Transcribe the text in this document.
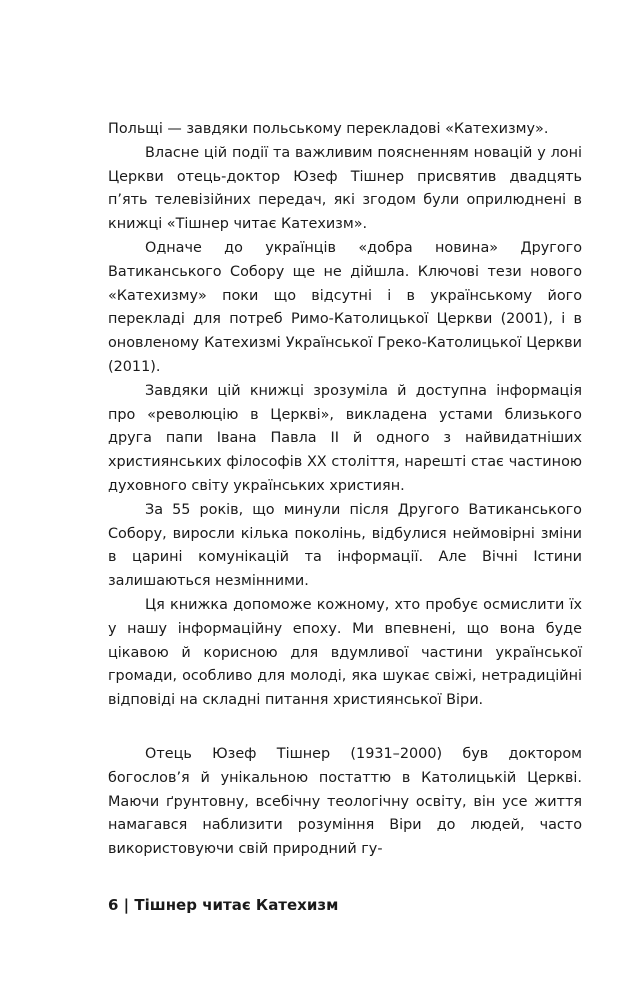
Польщі — завдяки польському перекладові «Катехизму».

Власне цій події та важливим поясненням новацій у лоні Церкви отець-доктор Юзеф Тішнер присвятив двадцять п’ять телевізійних передач, які згодом були оприлюднені в книжці «Тішнер читає Катехизм».

Одначе до українців «добра новина» Другого Ватиканського Собору ще не дійшла. Ключові тези нового «Катехизму» поки що відсутні і в українському його перекладі для потреб Римо-Католицької Церкви (2001), і в оновленому Катехизмі Української Греко-Католицької Церкви (2011).

Завдяки цій книжці зрозуміла й доступна інформація про «революцію в Церкві», викладена устами близького друга папи Івана Павла II й одного з найвидатніших християнських філософів XX століття, нарешті стає частиною духовного світу українських християн.

За 55 років, що минули після Другого Ватиканського Собору, виросли кілька поколінь, відбулися неймовірні зміни в царині комунікацій та інформації. Але Вічні Істини залишаються незмінними.

Ця книжка допоможе кожному, хто пробує осмислити їх у нашу інформаційну епоху. Ми впевнені, що вона буде цікавою й корисною для вдумливої частини української громади, особливо для молоді, яка шукає свіжі, нетрадиційні відповіді на складні питання християнської Віри.

Отець Юзеф Тішнер (1931–2000) був доктором богослов’я й унікальною постаттю в Католицькій Церкві. Маючи ґрунтовну, всебічну теологічну освіту, він усе життя намагався наблизити розуміння Віри до людей, часто використовуючи свій природний гу-

6 | Тішнер читає Катехизм
